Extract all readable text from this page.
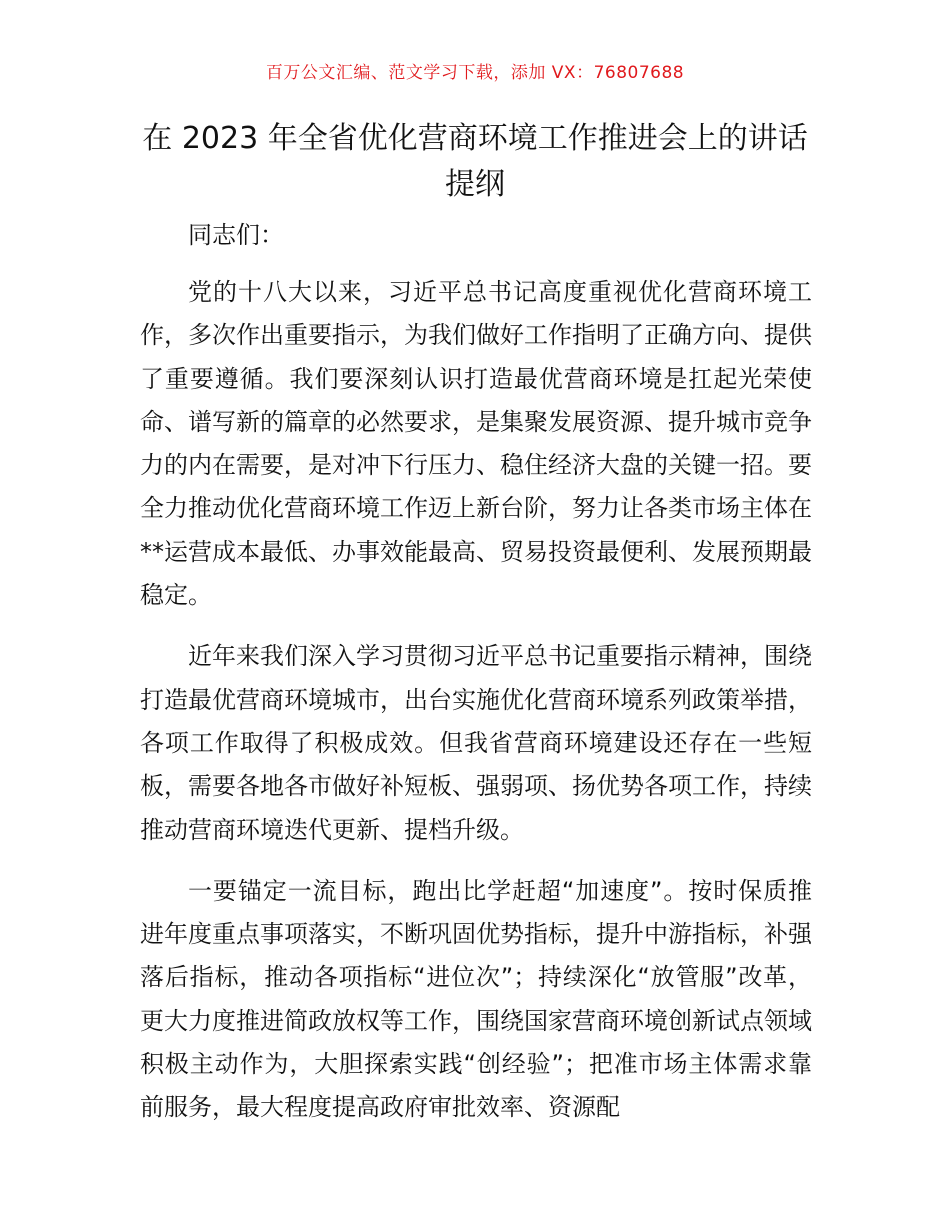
百万公文汇编、范文学习下载，添加 VX：76807688
在 2023 年全省优化营商环境工作推进会上的讲话提纲

同志们：

党的十八大以来，习近平总书记高度重视优化营商环境工作，多次作出重要指示，为我们做好工作指明了正确方向、提供了重要遵循。我们要深刻认识打造最优营商环境是扛起光荣使命、谱写新的篇章的必然要求，是集聚发展资源、提升城市竞争力的内在需要，是对冲下行压力、稳住经济大盘的关键一招。要全力推动优化营商环境工作迈上新台阶，努力让各类市场主体在**运营成本最低、办事效能最高、贸易投资最便利、发展预期最稳定。

近年来我们深入学习贯彻习近平总书记重要指示精神，围绕打造最优营商环境城市，出台实施优化营商环境系列政策举措，各项工作取得了积极成效。但我省营商环境建设还存在一些短板，需要各地各市做好补短板、强弱项、扬优势各项工作，持续推动营商环境迭代更新、提档升级。

一要锚定一流目标，跑出比学赶超“加速度”。按时保质推进年度重点事项落实，不断巩固优势指标，提升中游指标，补强落后指标，推动各项指标“进位次”；持续深化“放管服”改革，更大力度推进简政放权等工作，围绕国家营商环境创新试点领域积极主动作为，大胆探索实践“创经验”；把准市场主体需求靠前服务，最大程度提高政府审批效率、资源配
